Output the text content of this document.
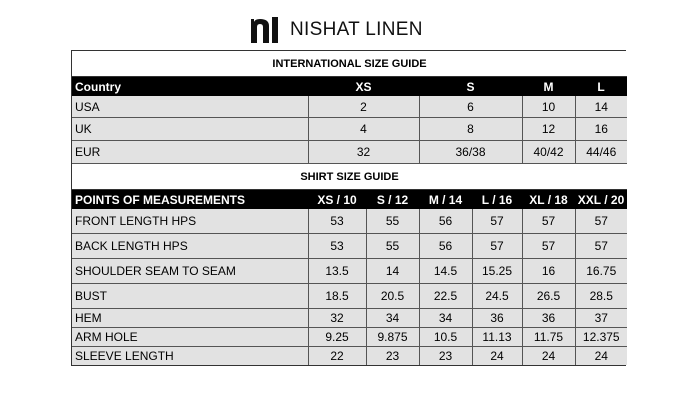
NISHAT LINEN
INTERNATIONAL SIZE GUIDE				
Country	XS	S	M	L
USA	2	6	10	14
UK	4	8	12	16
EUR	32	36/38	40/42	44/46
SHIRT SIZE GUIDE						
POINTS OF MEASUREMENTS	XS / 10	S / 12	M / 14	L / 16	XL / 18	XXL / 20
FRONT LENGTH HPS	53	55	56	57	57	57
BACK LENGTH HPS	53	55	56	57	57	57
SHOULDER SEAM TO SEAM	13.5	14	14.5	15.25	16	16.75
BUST	18.5	20.5	22.5	24.5	26.5	28.5
HEM	32	34	34	36	36	37
ARM HOLE	9.25	9.875	10.5	11.13	11.75	12.375
SLEEVE LENGTH	22	23	23	24	24	24
